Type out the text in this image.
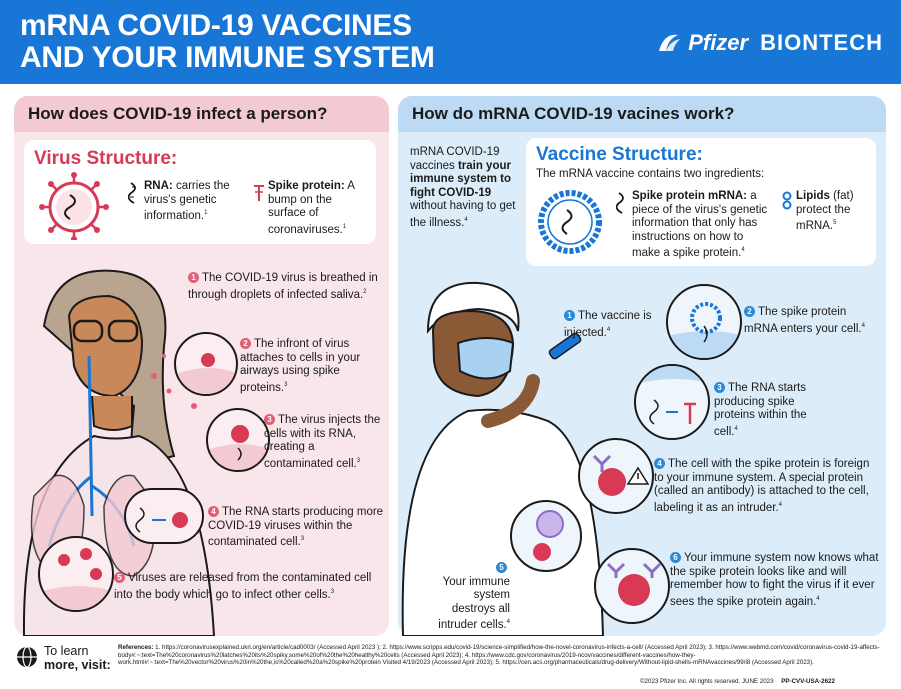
mRNA COVID-19 VACCINES
AND YOUR IMMUNE SYSTEM	Pfizer BIONTECH
How does COVID-19 infect a person?
Virus Structure:
RNA: carries the virus's genetic information.$^1$
Spike protein: A bump on the surface of coronaviruses.$^1$
1 The COVID-19 virus is breathed in through droplets of infected saliva.$^2$
2 The infront of virus attaches to cells in your airways using spike proteins.$^3$
3 The virus injects the cells with its RNA, creating a contaminated cell.$^3$
4 The RNA starts producing more COVID-19 viruses within the contaminated cell.$^3$
5 Viruses are released from the contaminated cell into the body which go to infect other cells.$^3$
How do mRNA COVID-19 vacines work?
mRNA COVID-19 vaccines train your immune system to fight COVID-19 without having to get the illness.$^4$
Vaccine Structure:
The mRNA vaccine contains two ingredients:
Spike protein mRNA: a piece of the virus's genetic information that only has instructions on how to make a spike protein.$^4$
Lipids (fat) protect the mRNA.$^5$
1 The vaccine is injected.$^4$
2 The spike protein mRNA enters your cell.$^4$
3 The RNA starts producing spike proteins within the cell.$^4$
4 The cell with the spike protein is foreign to your immune system. A special protein (called an antibody) is attached to the cell, labeling it as an intruder.$^4$
5
Your immune system destroys all intruder cells.$^4$
6 Your immune system now knows what the spike protein looks like and will remember how to fight the virus if it ever sees the spike protein again.$^4$
To learn
more, visit:
References: 1. https://coronavirusexplained.ukri.org/en/article/cad0003/ (Accessed April 2023 ); 2. https://www.scripps.edu/covid-19/science-simplified/how-the-novel-coronavirus-infects-a-cell/ (Accessed April 2023); 3. https://www.webmd.com/covid/coronavirus-covid-19-affects-body#:~:text=The%20coronavirus%20latches%20its%20spiky,some%20of%20the%20healthy%20cells (Accessed April 2023); 4. https://www.cdc.gov/coronavirus/2019-ncov/vaccines/different-vaccines/how-they-work.html#:~:text=The%20vector%20virus%20in%20the,is%20called%20a%20spike%20protein Visited 4/19/2023 (Accessed April 2023); 5. https://cen.acs.org/pharmaceuticals/drug-delivery/Without-lipid-shells-mRNAvaccines/99/i8 (Accessed April 2023).
©2023 Pfizer Inc. All rights reserved. JUNE 2023 PP-CVV-USA-2622
